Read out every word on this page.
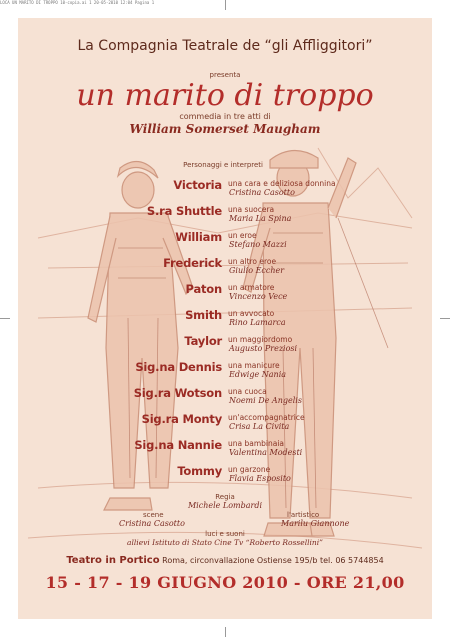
LOCA UN MARITO DI TROPPO 10-copia.ai 1 20-05-2010 12:04 Pagina 1
La Compagnia Teatrale de “gli Affliggitori”
presenta
un marito di troppo
commedia in tre atti di
William Somerset Maugham
Personaggi e interpreti
Victoria una cara e deliziosa donnina
Cristina Casotto
S.ra Shuttle una suocera
Maria La Spina
William un eroe
Stefano Mazzi
Frederick un altro eroe
Giulio Eccher
Paton un armatore
Vincenzo Vece
Smith un avvocato
Rino Lamarca
Taylor un maggiordomo
Augusto Preziosi
Sig.na Dennis una manicure
Edwige Nania
Sig.ra Wotson una cuoca
Noemi De Angelis
Sig.ra Monty un'accompagnatrice
Crisa La Civita
Sig.na Nannie una bambinaia
Valentina Modesti
Tommy un garzone
Flavia Esposito
Regia
Michele Lombardi
scene
Cristina Casotto
l'artistico
Marilu Giannone
luci e suoni
allievi Istituto di Stato Cine Tv “Roberto Rossellini”
Teatro in Portico Roma, circonvallazione Ostiense 195/b tel. 06 5744854
15 - 17 - 19 GIUGNO 2010 - ORE 21,00
